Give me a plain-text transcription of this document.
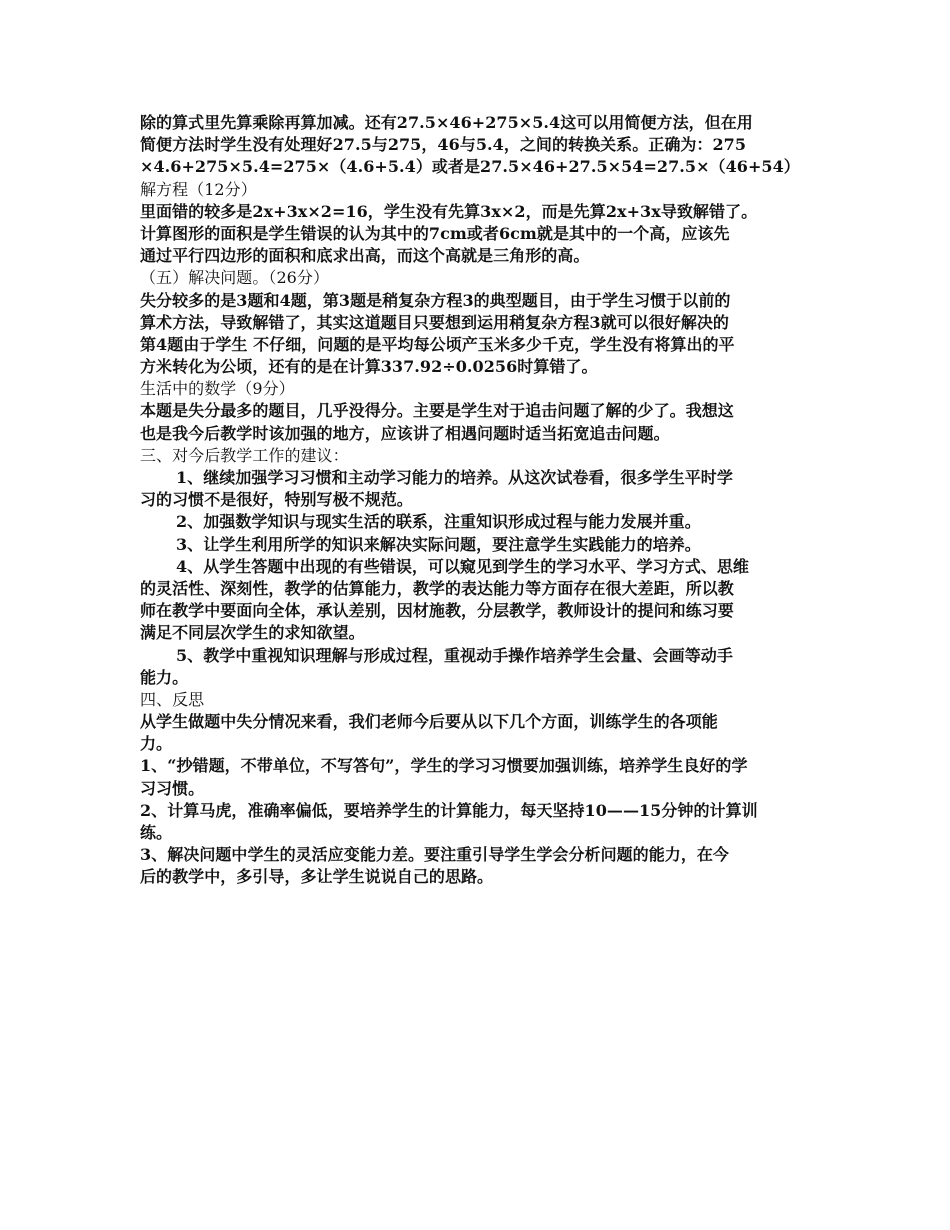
除的算式里先算乘除再算加减。还有27.5×46+275×5.4这可以用简便方法，但在用
简便方法时学生没有处理好27.5与275，46与5.4，之间的转换关系。正确为：275
×4.6+275×5.4=275×（4.6+5.4）或者是27.5×46+27.5×54=27.5×（46+54）
解方程（12分）
里面错的较多是2x+3x×2=16，学生没有先算3x×2，而是先算2x+3x导致解错了。
计算图形的面积是学生错误的认为其中的7cm或者6cm就是其中的一个高，应该先
通过平行四边形的面积和底求出高，而这个高就是三角形的高。
（五）解决问题。（26分）
失分较多的是3题和4题，第3题是稍复杂方程3的典型题目，由于学生习惯于以前的
算术方法，导致解错了，其实这道题目只要想到运用稍复杂方程3就可以很好解决的
第4题由于学生 不仔细，问题的是平均每公顷产玉米多少千克，学生没有将算出的平
方米转化为公顷，还有的是在计算337.92÷0.0256时算错了。
生活中的数学（9分）
本题是失分最多的题目，几乎没得分。主要是学生对于追击问题了解的少了。我想这
也是我今后教学时该加强的地方，应该讲了相遇问题时适当拓宽追击问题。
三、对今后教学工作的建议：
1、继续加强学习习惯和主动学习能力的培养。从这次试卷看，很多学生平时学
习的习惯不是很好，特别写极不规范。
2、加强数学知识与现实生活的联系，注重知识形成过程与能力发展并重。
3、让学生利用所学的知识来解决实际问题，要注意学生实践能力的培养。
4、从学生答题中出现的有些错误，可以窥见到学生的学习水平、学习方式、思维
的灵活性、深刻性，教学的估算能力，教学的表达能力等方面存在很大差距，所以教
师在教学中要面向全体，承认差别，因材施教，分层教学，教师设计的提问和练习要
满足不同层次学生的求知欲望。
5、教学中重视知识理解与形成过程，重视动手操作培养学生会量、会画等动手
能力。
四、反思
从学生做题中失分情况来看，我们老师今后要从以下几个方面，训练学生的各项能
力。
1、“抄错题，不带单位，不写答句”，学生的学习习惯要加强训练，培养学生良好的学
习习惯。
2、计算马虎，准确率偏低，要培养学生的计算能力，每天坚持10——15分钟的计算训
练。
3、解决问题中学生的灵活应变能力差。要注重引导学生学会分析问题的能力，在今
后的教学中，多引导，多让学生说说自己的思路。
